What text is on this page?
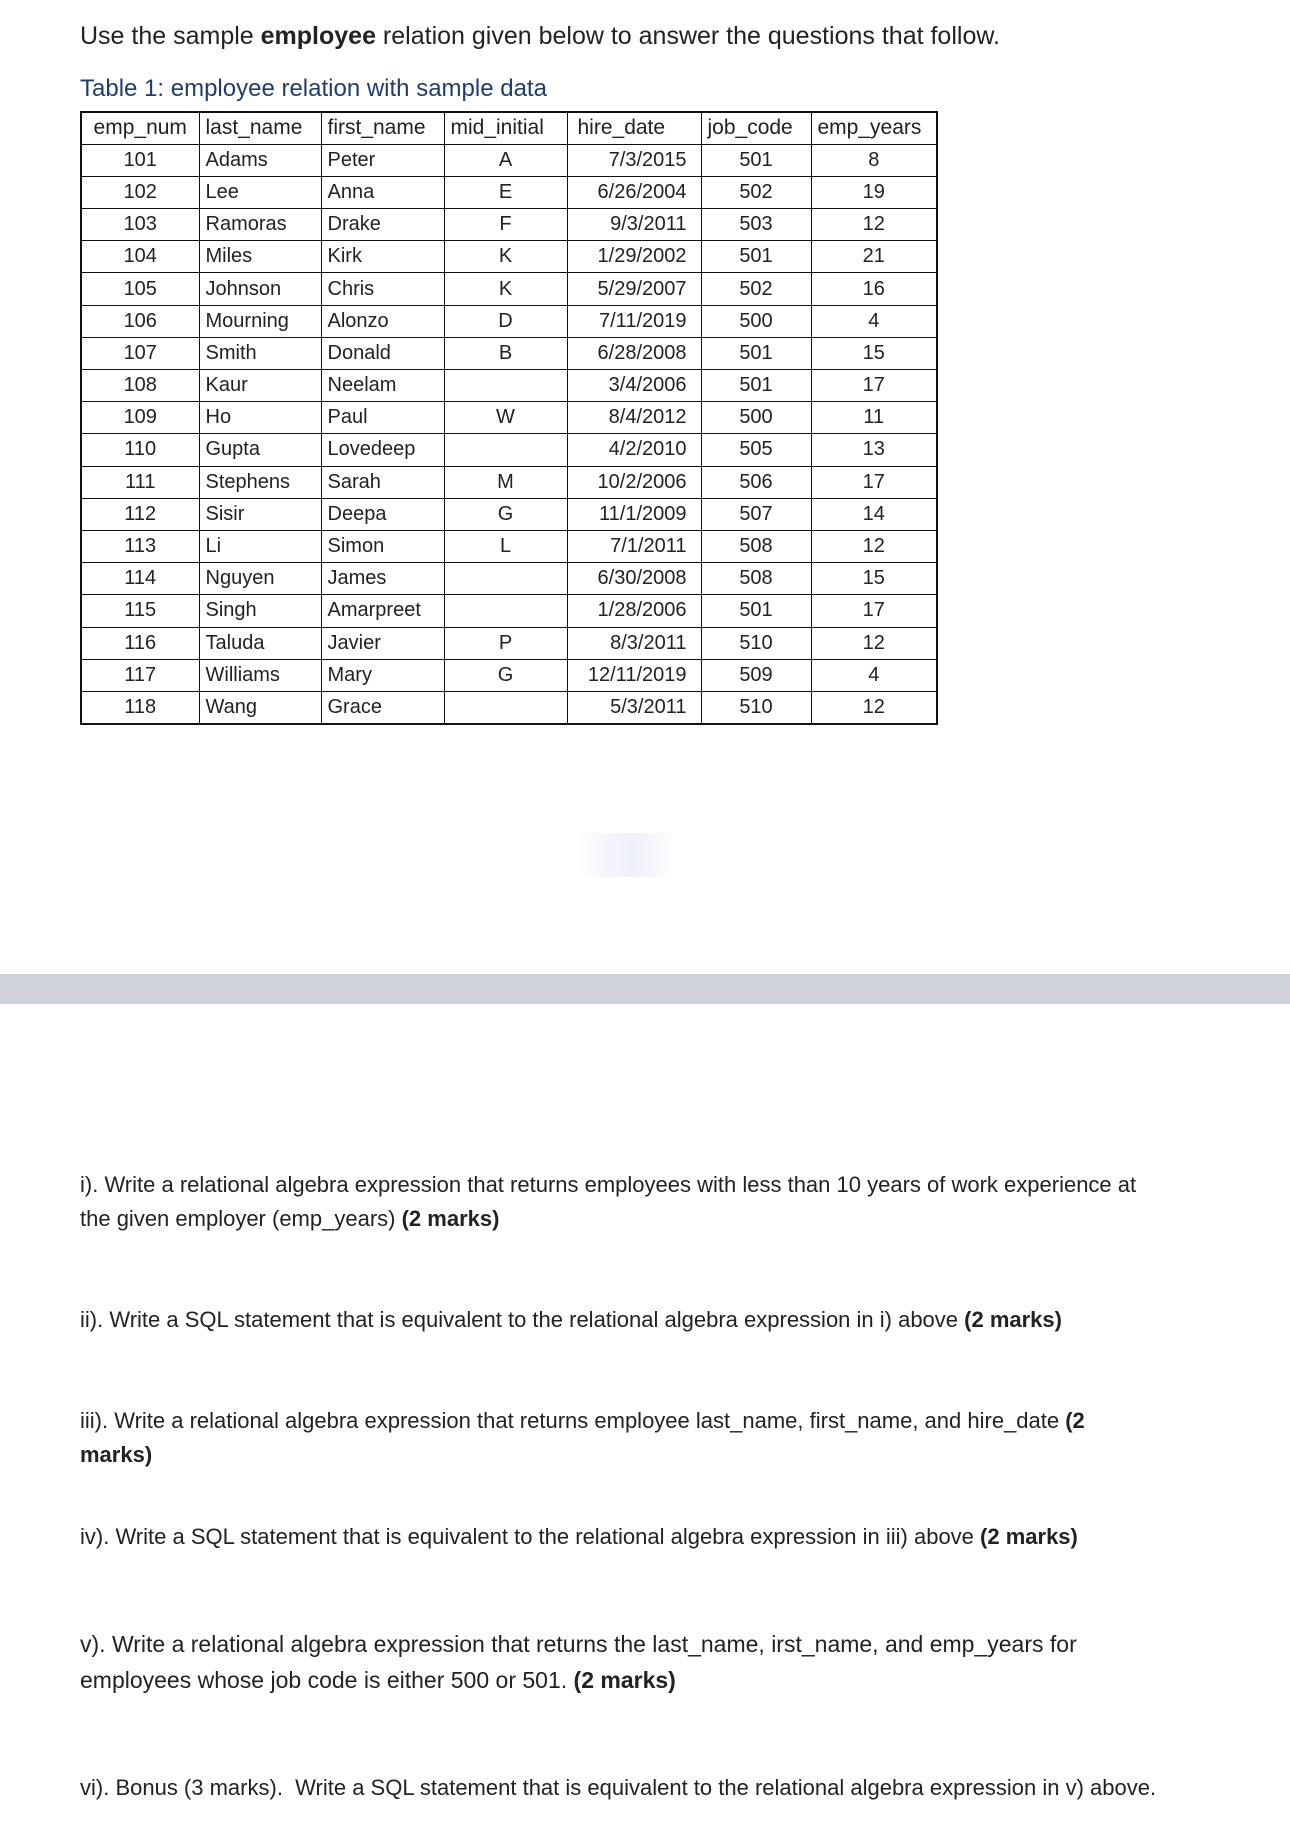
Use the sample employee relation given below to answer the questions that follow.
Table 1: employee relation with sample data
emp_num	last_name	first_name	mid_initial	hire_date	job_code	emp_years
101	Adams	Peter	A	7/3/2015	501	8
102	Lee	Anna	E	6/26/2004	502	19
103	Ramoras	Drake	F	9/3/2011	503	12
104	Miles	Kirk	K	1/29/2002	501	21
105	Johnson	Chris	K	5/29/2007	502	16
106	Mourning	Alonzo	D	7/11/2019	500	4
107	Smith	Donald	B	6/28/2008	501	15
108	Kaur	Neelam		3/4/2006	501	17
109	Ho	Paul	W	8/4/2012	500	11
110	Gupta	Lovedeep		4/2/2010	505	13
111	Stephens	Sarah	M	10/2/2006	506	17
112	Sisir	Deepa	G	11/1/2009	507	14
113	Li	Simon	L	7/1/2011	508	12
114	Nguyen	James		6/30/2008	508	15
115	Singh	Amarpreet		1/28/2006	501	17
116	Taluda	Javier	P	8/3/2011	510	12
117	Williams	Mary	G	12/11/2019	509	4
118	Wang	Grace		5/3/2011	510	12
i). Write a relational algebra expression that returns employees with less than 10 years of work experience at the given employer (emp_years) (2 marks)
ii). Write a SQL statement that is equivalent to the relational algebra expression in i) above (2 marks)
iii). Write a relational algebra expression that returns employee last_name, first_name, and hire_date (2 marks)
iv). Write a SQL statement that is equivalent to the relational algebra expression in iii) above (2 marks)
v). Write a relational algebra expression that returns the last_name, irst_name, and emp_years for employees whose job code is either 500 or 501. (2 marks)
vi). Bonus (3 marks).  Write a SQL statement that is equivalent to the relational algebra expression in v) above.
